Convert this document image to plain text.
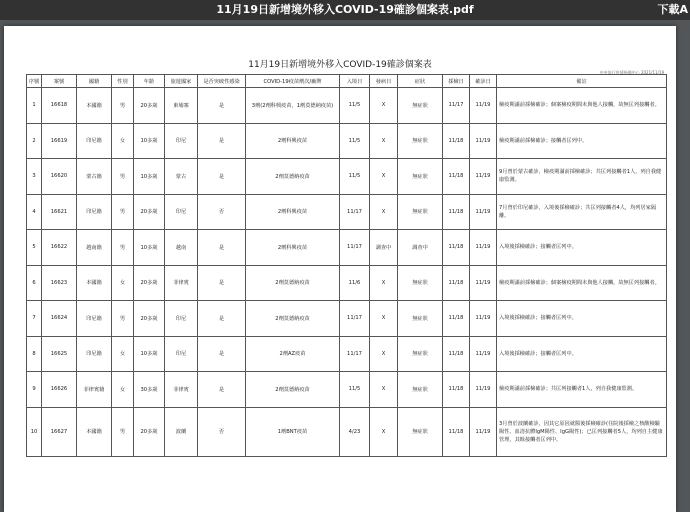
11月19日新增境外移入COVID-19確診個案表.pdf	下載A
11月19日新增境外移入COVID-19確診個案表
中央流行疫情指揮中心 2021/11/19
序號	案號	國籍	性別	年齡	旅遊國家	是否突破性感染	COVID-19疫苗劑次/廠牌	入境日	發病日	症狀	採檢日	確診日	備註
1	16618	本國籍	男	20多歲	柬埔寨	是	3劑(2劑科興疫苗，1劑莫德納疫苗)	11/5	X	無症狀	11/17	11/19	檢疫期滿前採檢確診；個案檢疫期間未與他人接觸，故無匡列接觸者。
2	16619	印尼籍	女	10多歲	印尼	是	2劑科興疫苗	11/5	X	無症狀	11/18	11/19	檢疫期滿前採檢確診；接觸者匡列中。
3	16620	蒙古籍	男	10多歲	蒙古	是	2劑莫德納疫苗	11/5	X	無症狀	11/18	11/19	9月曾於蒙古確診，檢疫期滿前採檢確診；共匡列接觸者1人，列自我健康監測。
4	16621	印尼籍	男	20多歲	印尼	否	2劑科興疫苗	11/17	X	無症狀	11/18	11/19	7月曾於印尼確診，入境後採檢確診；共匡列接觸者4人，均列居家隔離。
5	16622	越南籍	男	10多歲	越南	是	2劑科興疫苗	11/17	調查中	調查中	11/18	11/19	入境後採檢確診；接觸者匡列中。
6	16623	本國籍	女	20多歲	菲律賓	是	2劑莫德納疫苗	11/6	X	無症狀	11/18	11/19	檢疫期滿前採檢確診；個案檢疫期間未與他人接觸，故無匡列接觸者。
7	16624	印尼籍	男	20多歲	印尼	是	2劑莫德納疫苗	11/17	X	無症狀	11/18	11/19	入境後採檢確診；接觸者匡列中。
8	16625	印尼籍	女	10多歲	印尼	是	2劑AZ疫苗	11/17	X	無症狀	11/18	11/19	入境後採檢確診；接觸者匡列中。
9	16626	菲律賓籍	女	30多歲	菲律賓	是	2劑莫德納疫苗	11/5	X	無症狀	11/18	11/19	檢疫期滿前採檢確診；共匡列接觸者1人，列自我健康監測。
10	16627	本國籍	男	20多歲	波蘭	否	1劑BNT疫苗	4/23	X	無症狀	11/18	11/19	3月曾於波蘭確診，因其它原因就醫後採檢確診(住院後採檢之核酸檢驗陽性、血清抗體IgM陽性、IgG陽性)；已匡列接觸者5人，均列自主健康管理，其餘接觸者匡列中。
